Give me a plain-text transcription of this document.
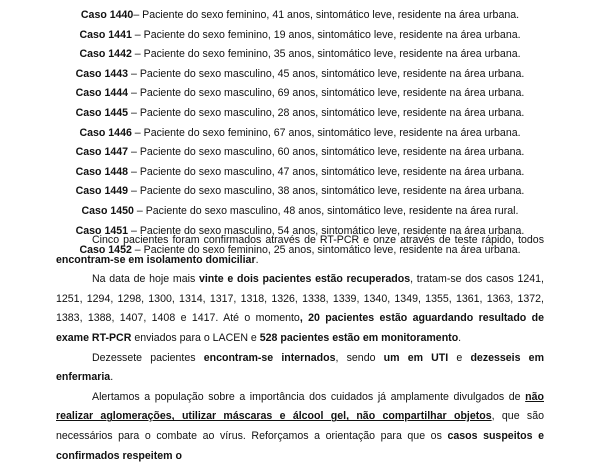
Caso 1440– Paciente do sexo feminino, 41 anos, sintomático leve, residente na área urbana.
Caso 1441 – Paciente do sexo feminino, 19 anos, sintomático leve, residente na área urbana.
Caso 1442 – Paciente do sexo feminino, 35 anos, sintomático leve, residente na área urbana.
Caso 1443 – Paciente do sexo masculino, 45 anos, sintomático leve, residente na área urbana.
Caso 1444 – Paciente do sexo masculino, 69 anos, sintomático leve, residente na área urbana.
Caso 1445 – Paciente do sexo masculino, 28 anos, sintomático leve, residente na área urbana.
Caso 1446 – Paciente do sexo feminino, 67 anos, sintomático leve, residente na área urbana.
Caso 1447 – Paciente do sexo masculino, 60 anos, sintomático leve, residente na área urbana.
Caso 1448 – Paciente do sexo masculino, 47 anos, sintomático leve, residente na área urbana.
Caso 1449 – Paciente do sexo masculino, 38 anos, sintomático leve, residente na área urbana.
Caso 1450 – Paciente do sexo masculino, 48 anos, sintomático leve, residente na área rural.
Caso 1451 – Paciente do sexo masculino, 54 anos, sintomático leve, residente na área urbana.
Caso 1452 – Paciente do sexo feminino, 25 anos, sintomático leve, residente na área urbana.

Cinco pacientes foram confirmados através de RT-PCR e onze através de teste rápido, todos encontram-se em isolamento domiciliar.

Na data de hoje mais vinte e dois pacientes estão recuperados, tratam-se dos casos 1241, 1251, 1294, 1298, 1300, 1314, 1317, 1318, 1326, 1338, 1339, 1340, 1349, 1355, 1361, 1363, 1372, 1383, 1388, 1407, 1408 e 1417. Até o momento, 20 pacientes estão aguardando resultado de exame RT-PCR enviados para o LACEN e 528 pacientes estão em monitoramento.

Dezessete pacientes encontram-se internados, sendo um em UTI e dezesseis em enfermaria.

Alertamos a população sobre a importância dos cuidados já amplamente divulgados de não realizar aglomerações, utilizar máscaras e álcool gel, não compartilhar objetos, que são necessários para o combate ao vírus. Reforçamos a orientação para que os casos suspeitos e confirmados respeitem o
